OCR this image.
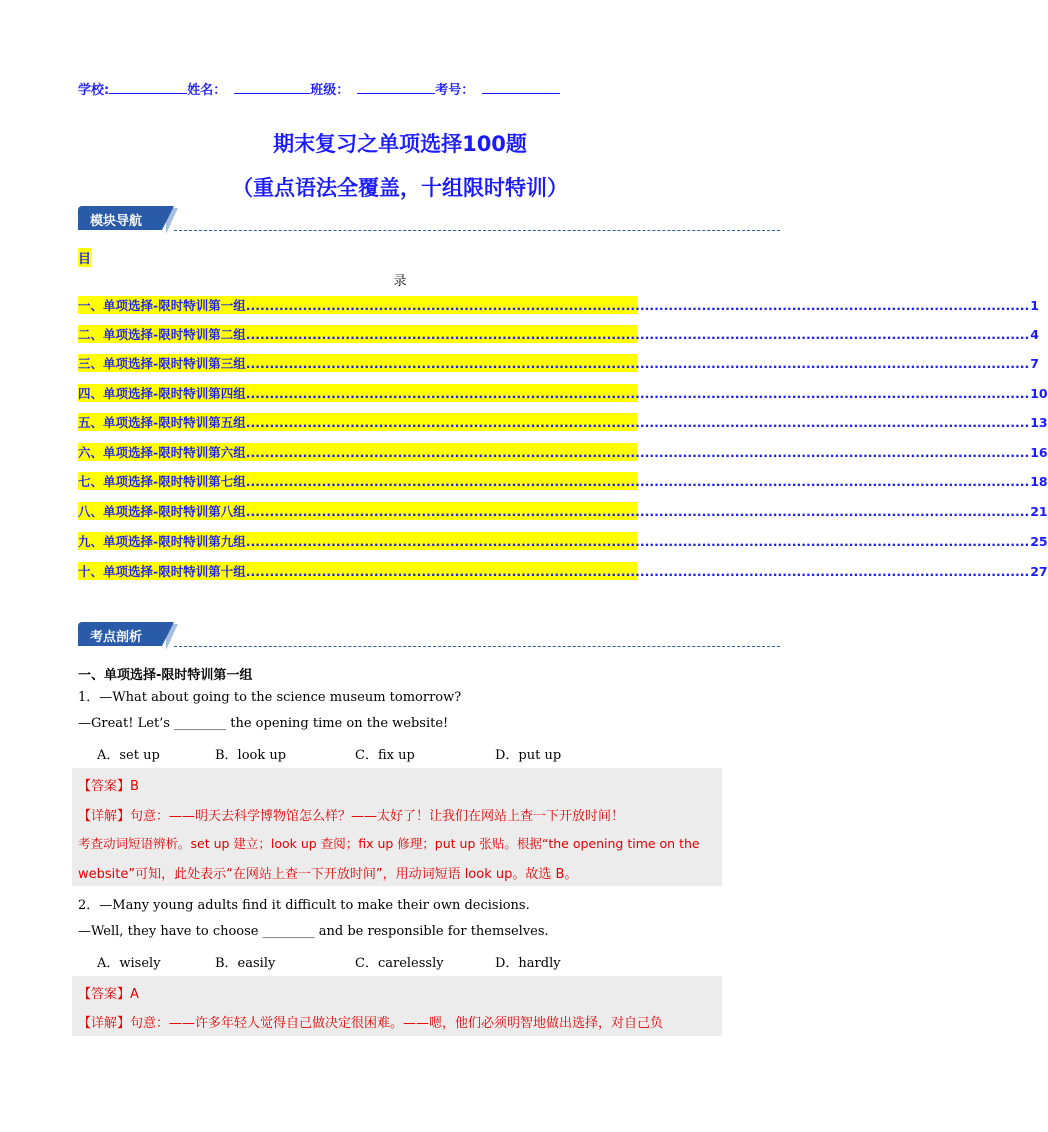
学校:	姓名：	班级：	考号：
期末复习之单项选择100题
（重点语法全覆盖，十组限时特训）
模块导航
目
录
一、单项选择-限时特训第一组 ..................................................................................................................................................................... 1
二、单项选择-限时特训第二组 ..................................................................................................................................................................... 4
三、单项选择-限时特训第三组 ..................................................................................................................................................................... 7
四、单项选择-限时特训第四组 ..................................................................................................................................................................... 10
五、单项选择-限时特训第五组 ..................................................................................................................................................................... 13
六、单项选择-限时特训第六组 ..................................................................................................................................................................... 16
七、单项选择-限时特训第七组 ..................................................................................................................................................................... 18
八、单项选择-限时特训第八组 ..................................................................................................................................................................... 21
九、单项选择-限时特训第九组 ..................................................................................................................................................................... 25
十、单项选择-限时特训第十组 ..................................................................................................................................................................... 27
考点剖析
一、单项选择-限时特训第一组
1．—What about going to the science museum tomorrow?
—Great! Let’s ________ the opening time on the website!
A．set up	B．look up	C．fix up	D．put up
【答案】B
【详解】句意：——明天去科学博物馆怎么样？——太好了！让我们在网站上查一下开放时间！
考查动词短语辨析。set up 建立；look up 查阅；fix up 修理；put up 张贴。根据“the opening time on the
website”可知，此处表示“在网站上查一下开放时间”，用动词短语 look up。故选 B。
2．—Many young adults find it difficult to make their own decisions.
—Well, they have to choose ________ and be responsible for themselves.
A．wisely	B．easily	C．carelessly	D．hardly
【答案】A
【详解】句意：——许多年轻人觉得自己做决定很困难。——嗯，他们必须明智地做出选择，对自己负
